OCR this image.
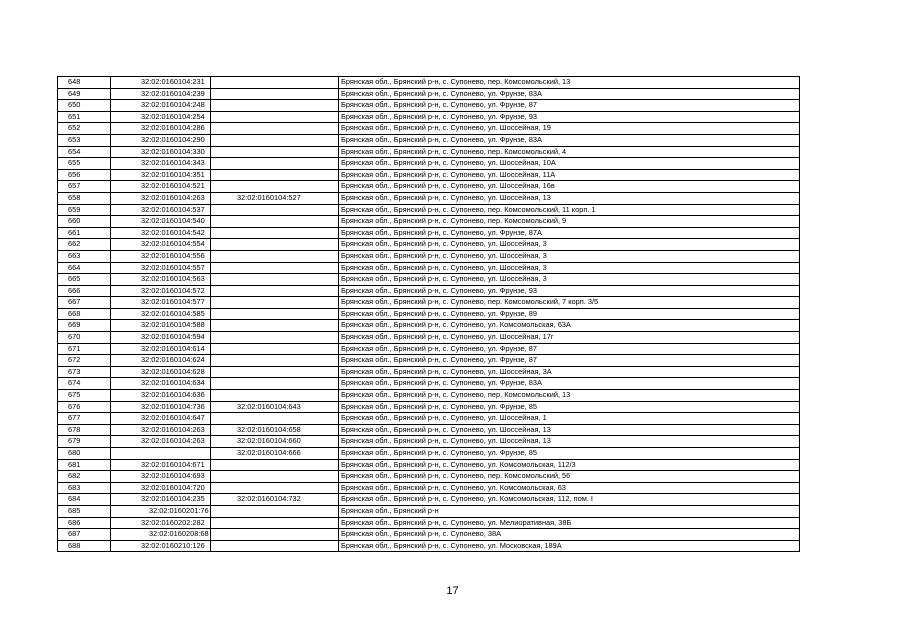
648	32:02:0160104:231		Брянская обл., Брянский р-н, с. Супонево, пер. Комсомольский, 13
649	32:02:0160104:239		Брянская обл., Брянский р-н, с. Супонево, ул. Фрунзе, 83А
650	32:02:0160104:248		Брянская обл., Брянский р-н, с. Супонево, ул. Фрунзе, 87
651	32:02:0160104:254		Брянская обл., Брянский р-н, с. Супонево, ул. Фрунзе, 93
652	32:02:0160104:286		Брянская обл., Брянский р-н, с. Супонево, ул. Шоссейная, 19
653	32:02:0160104:290		Брянская обл., Брянский р-н, с. Супонево, ул. Фрунзе, 83А
654	32:02:0160104:330		Брянская обл., Брянский р-н, с. Супонево, пер. Комсомольский, 4
655	32:02:0160104:343		Брянская обл., Брянский р-н, с. Супонево, ул. Шоссейная, 10А
656	32:02:0160104:351		Брянская обл., Брянский р-н, с. Супонево, ул. Шоссейная, 11А
657	32:02:0160104:521		Брянская обл., Брянский р-н, с. Супонево, ул. Шоссейная, 16в
658	32:02:0160104:263	32:02:0160104:527	Брянская обл., Брянский р-н, с. Супонево, ул. Шоссейная, 13
659	32:02:0160104:537		Брянская обл., Брянский р-н, с. Супонево, пер. Комсомольский, 11 корп. 1
660	32:02:0160104:540		Брянская обл., Брянский р-н, с. Супонево, пер. Комсомольский, 9
661	32:02:0160104:542		Брянская обл., Брянский р-н, с. Супонево, ул. Фрунзе, 87А
662	32:02:0160104:554		Брянская обл., Брянский р-н, с. Супонево, ул. Шоссейная, 3
663	32:02:0160104:556		Брянская обл., Брянский р-н, с. Супонево, ул. Шоссейная, 3
664	32:02:0160104:557		Брянская обл., Брянский р-н, с. Супонево, ул. Шоссейная, 3
665	32:02:0160104:563		Брянская обл., Брянский р-н, с. Супонево, ул. Шоссейная, 3
666	32:02:0160104:572		Брянская обл., Брянский р-н, с. Супонево, ул. Фрунзе, 93
667	32:02:0160104:577		Брянская обл., Брянский р-н, с. Супонево, пер. Комсомольский, 7 корп. 3/5
668	32:02:0160104:585		Брянская обл., Брянский р-н, с. Супонево, ул. Фрунзе, 89
669	32:02:0160104:588		Брянская обл., Брянский р-н, с. Супонево, ул. Комсомольская, 63А
670	32:02:0160104:594		Брянская обл., Брянский р-н, с. Супонево, ул. Шоссейная, 17г
671	32:02:0160104:614		Брянская обл., Брянский р-н, с. Супонево, ул. Фрунзе, 87
672	32:02:0160104:624		Брянская обл., Брянский р-н, с. Супонево, ул. Фрунзе, 87
673	32:02:0160104:628		Брянская обл., Брянский р-н, с. Супонево, ул. Шоссейная, 3А
674	32:02:0160104:634		Брянская обл., Брянский р-н, с. Супонево, ул. Фрунзе, 83А
675	32:02:0160104:636		Брянская обл., Брянский р-н, с. Супонево, пер. Комсомольский, 13
676	32:02:0160104:736	32:02:0160104:643	Брянская обл., Брянский р-н, с. Супонево, ул. Фрунзе, 85
677	32:02:0160104:647		Брянская обл., Брянский р-н, с. Супонево, ул. Шоссейная, 1
678	32:02:0160104:263	32:02:0160104:658	Брянская обл., Брянский р-н, с. Супонево, ул. Шоссейная, 13
679	32:02:0160104:263	32:02:0160104:660	Брянская обл., Брянский р-н, с. Супонево, ул. Шоссейная, 13
680		32:02:0160104:666	Брянская обл., Брянский р-н, с. Супонево, ул. Фрунзе, 85
681	32:02:0160104:671		Брянская обл., Брянский р-н, с. Супонево, ул. Комсомольская, 112/3
682	32:02:0160104:693		Брянская обл., Брянский р-н, с. Супонево, пер. Комсомольский, 56
683	32:02:0160104:720		Брянская обл., Брянский р-н, с. Супонево, ул. Комсомольская, 63
684	32:02:0160104:235	32:02:0160104:732	Брянская обл., Брянский р-н, с. Супонево, ул. Комсомольская, 112, пом. I
685	32:02:0160201:76		Брянская обл., Брянский р-н
686	32:02:0160202:282		Брянская обл., Брянский р-н, с. Супонево, ул. Мелиоративная, 38Б
687	32:02:0160208:68		Брянская обл., Брянский р-н, с. Супонево, 38А
688	32:02:0160210:126		Брянская обл., Брянский р-н, с. Супонево, ул. Московская, 189А
17
